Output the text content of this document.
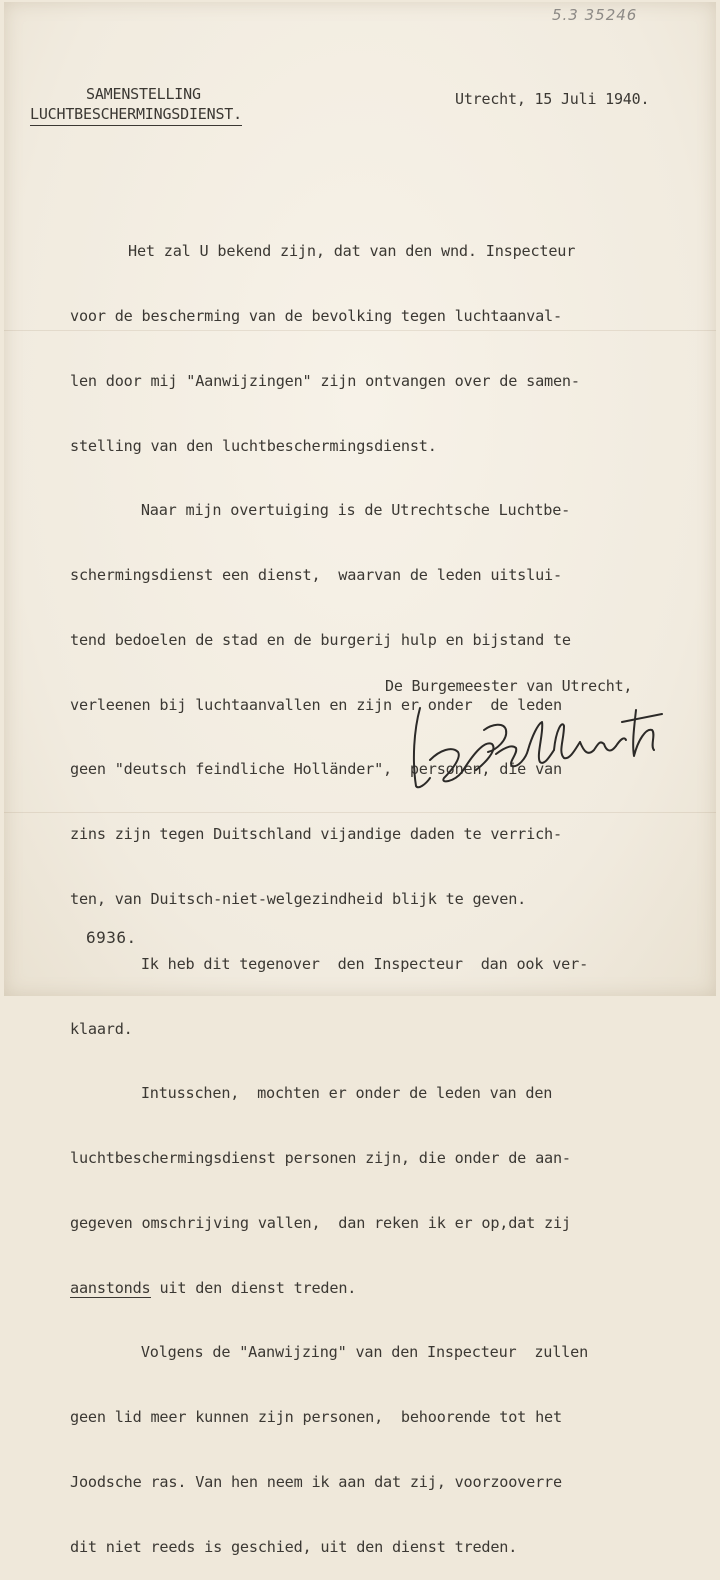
5.3 35246
SAMENSTELLING
LUCHTBESCHERMINGSDIENST.
Utrecht, 15 Juli 1940.

Het zal U bekend zijn, dat van den wnd. Inspecteur

voor de bescherming van de bevolking tegen luchtaanval-

len door mij "Aanwijzingen" zijn ontvangen over de samen-

stelling van den luchtbeschermingsdienst.

Naar mijn overtuiging is de Utrechtsche Luchtbe-

schermingsdienst een dienst,  waarvan de leden uitslui-

tend bedoelen de stad en de burgerij hulp en bijstand te

verleenen bij luchtaanvallen en zijn er onder  de leden

geen "deutsch feindliche Holländer",  personen, die van

zins zijn tegen Duitschland vijandige daden te verrich-

ten, van Duitsch-niet-welgezindheid blijk te geven.

Ik heb dit tegenover  den Inspecteur  dan ook ver-

klaard.

Intusschen,  mochten er onder de leden van den

luchtbeschermingsdienst personen zijn, die onder de aan-

gegeven omschrijving vallen,  dan reken ik er op,dat zij

aanstonds uit den dienst treden.

Volgens de "Aanwijzing" van den Inspecteur  zullen

geen lid meer kunnen zijn personen,  behoorende tot het

Joodsche ras. Van hen neem ik aan dat zij, voorzooverre

dit niet reeds is geschied, uit den dienst treden.

De Burgemeester van Utrecht,
6936.
